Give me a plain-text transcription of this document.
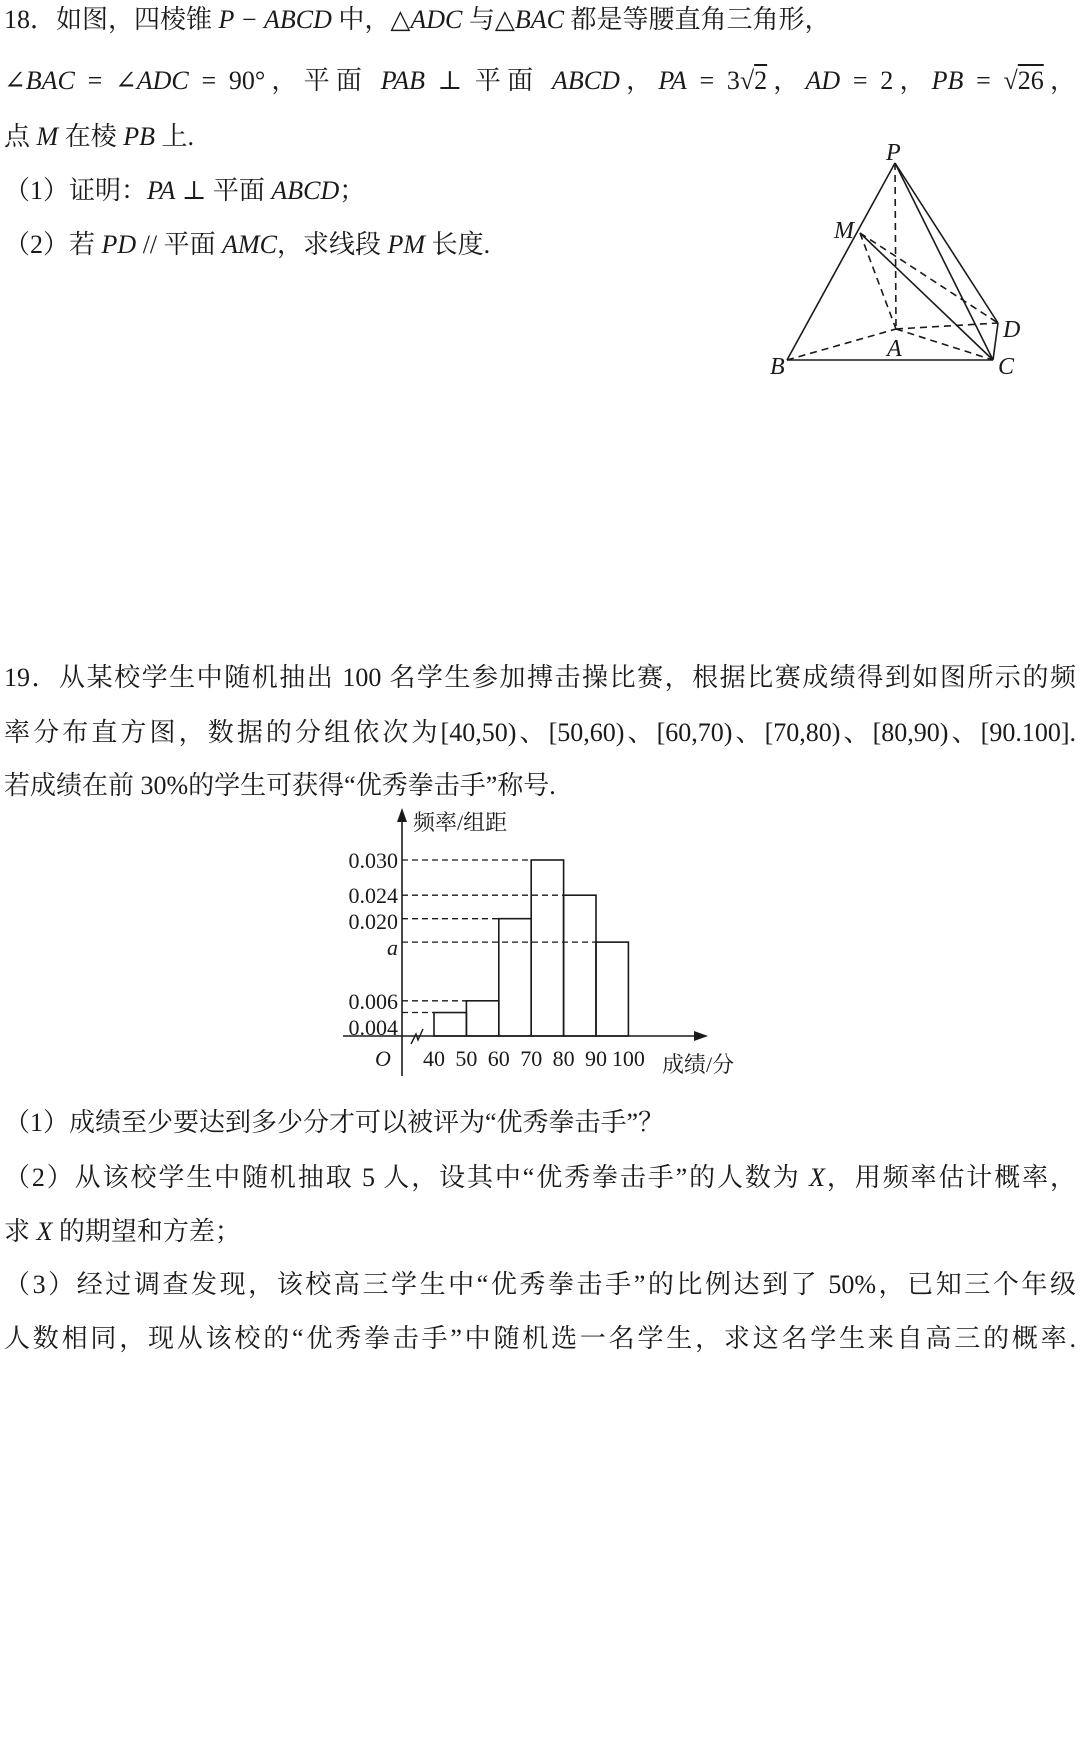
18．如图，四棱锥 P − ABCD 中，△ADC 与△BAC 都是等腰直角三角形，
∠BAC = ∠ADC = 90°，平面 PAB ⊥ 平面 ABCD，PA = 3√2，AD = 2，PB = √26，
点 M 在棱 PB 上.
（1）证明：PA ⊥ 平面 ABCD；
（2）若 PD // 平面 AMC，求线段 PM 长度.
P
M
A
D
C
B
19．从某校学生中随机抽出 100 名学生参加搏击操比赛，根据比赛成绩得到如图所示的频
率分布直方图，数据的分组依次为[40,50)、[50,60)、[60,70)、[70,80)、[80,90)、[90.100].
若成绩在前 30%的学生可获得“优秀拳击手”称号.
（1）成绩至少要达到多少分才可以被评为“优秀拳击手”？
（2）从该校学生中随机抽取 5 人，设其中“优秀拳击手”的人数为 X，用频率估计概率，
求 X 的期望和方差；
（3）经过调查发现，该校高三学生中“优秀拳击手”的比例达到了 50%，已知三个年级
人数相同，现从该校的“优秀拳击手”中随机选一名学生，求这名学生来自高三的概率.
0.030
0.024
0.020
a
0.006
0.004
40 50 60 70 80 90 100
O	成绩/分
频率/组距
